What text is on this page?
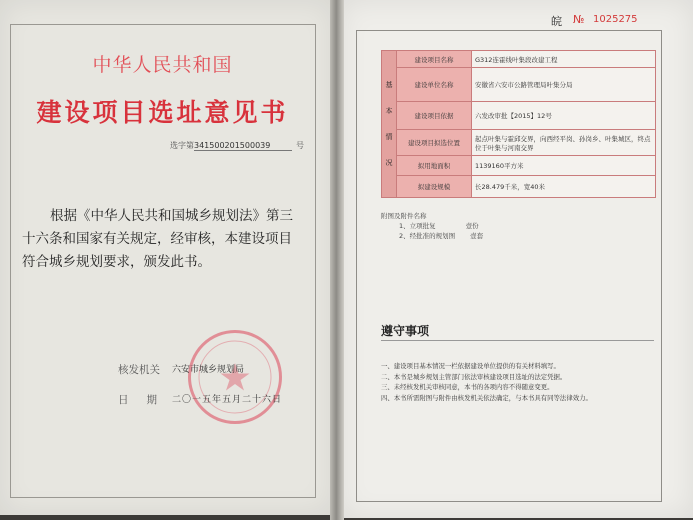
中华人民共和国
建设项目选址意见书
选字第341500201500039	号
根据《中华人民共和国城乡规划法》第三十六条和国家有关规定，经审核，本建设项目符合城乡规划要求，颁发此书。
核发机关 六安市城乡规划局
日期
二〇一五年五月二十六日
皖 № 1025275
基本情况	建设项目名称	G312连霍线叶集段改建工程
	建设单位名称	安徽省六安市公路管理局叶集分局
	建设项目依据	六发改审批【2015】12号
	建设项目拟选位置	起点叶集与霍邱交界，向西经平岗、孙岗乡、叶集城区，终点位于叶集与河南交界
	拟用地面积	1139160平方米
	拟建设规模	长28.479千米，宽40米
附图及附件名称
1、立项批复	壹份
2、经批准的规划图 壹套
遵守事项
一、建设项目基本情况一栏依据建设单位提供的有关材料填写。
二、本书是城乡规划主管部门依法审核建设项目选址的法定凭据。
三、未经核发机关审核同意，本书的各项内容不得随意变更。
四、本书所需附图与附件由核发机关依法确定，与本书具有同等法律效力。
